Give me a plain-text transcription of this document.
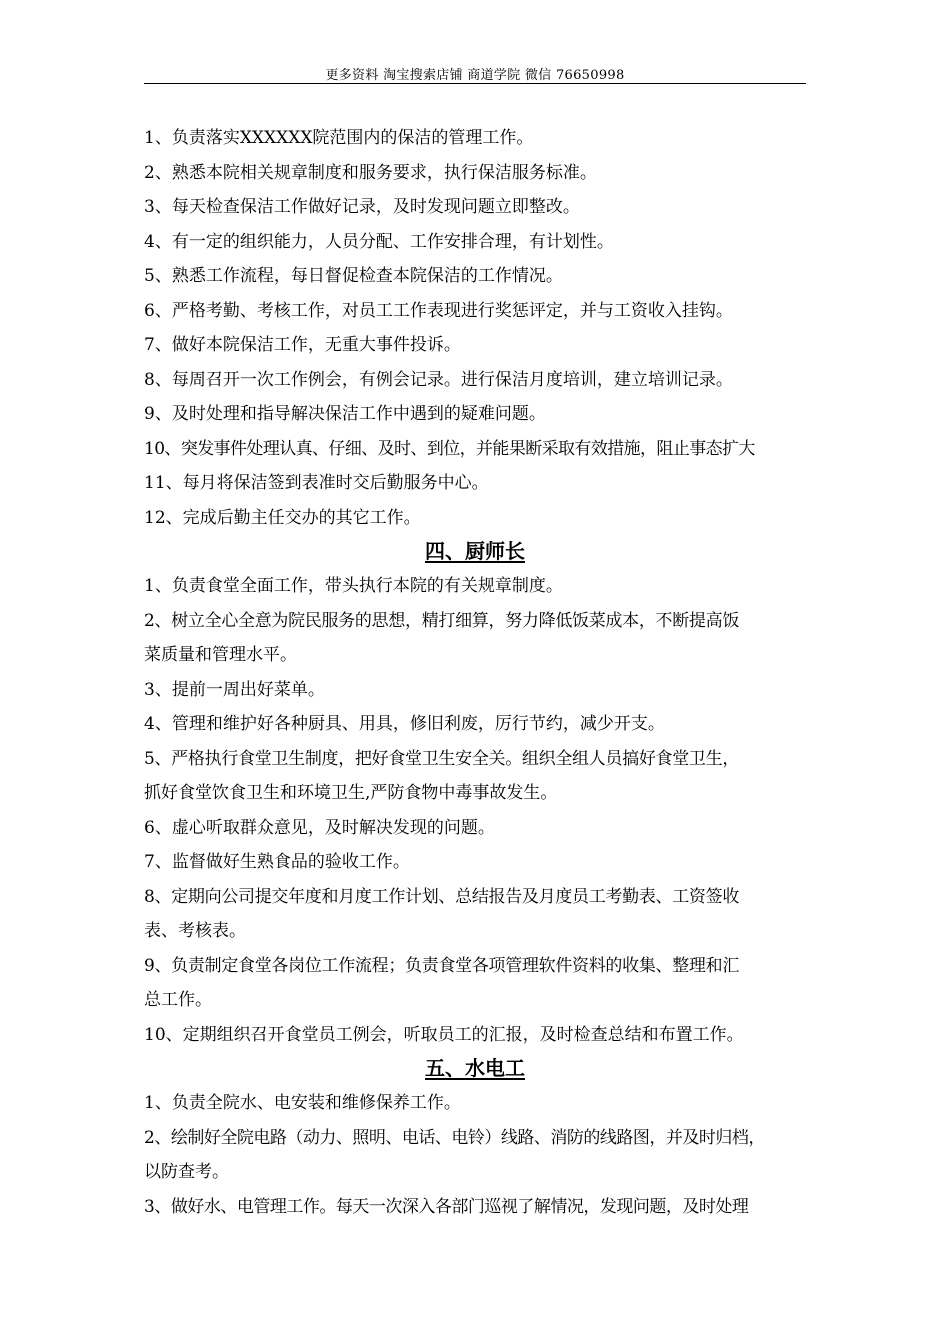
更多资料 淘宝搜索店铺 商道学院 微信 76650998
1、负责落实XXXXXX院范围内的保洁的管理工作。
2、熟悉本院相关规章制度和服务要求，执行保洁服务标准。
3、每天检查保洁工作做好记录，及时发现问题立即整改。
4、有一定的组织能力，人员分配、工作安排合理，有计划性。
5、熟悉工作流程，每日督促检查本院保洁的工作情况。
6、严格考勤、考核工作，对员工工作表现进行奖惩评定，并与工资收入挂钩。
7、做好本院保洁工作，无重大事件投诉。
8、每周召开一次工作例会，有例会记录。进行保洁月度培训，建立培训记录。
9、及时处理和指导解决保洁工作中遇到的疑难问题。
10、突发事件处理认真、仔细、及时、到位，并能果断采取有效措施，阻止事态扩大
11、每月将保洁签到表准时交后勤服务中心。
12、完成后勤主任交办的其它工作。
四、厨师长
1、负责食堂全面工作，带头执行本院的有关规章制度。
2、树立全心全意为院民服务的思想，精打细算，努力降低饭菜成本，不断提高饭
菜质量和管理水平。
3、提前一周出好菜单。
4、管理和维护好各种厨具、用具，修旧利废，厉行节约，减少开支。
5、严格执行食堂卫生制度，把好食堂卫生安全关。组织全组人员搞好食堂卫生，
抓好食堂饮食卫生和环境卫生,严防食物中毒事故发生。
6、虚心听取群众意见，及时解决发现的问题。
7、监督做好生熟食品的验收工作。
8、定期向公司提交年度和月度工作计划、总结报告及月度员工考勤表、工资签收
表、考核表。
9、负责制定食堂各岗位工作流程；负责食堂各项管理软件资料的收集、整理和汇
总工作。
10、定期组织召开食堂员工例会，听取员工的汇报，及时检查总结和布置工作。
五、水电工
1、负责全院水、电安装和维修保养工作。
2、绘制好全院电路（动力、照明、电话、电铃）线路、消防的线路图，并及时归档，
以防查考。
3、做好水、电管理工作。每天一次深入各部门巡视了解情况，发现问题，及时处理
